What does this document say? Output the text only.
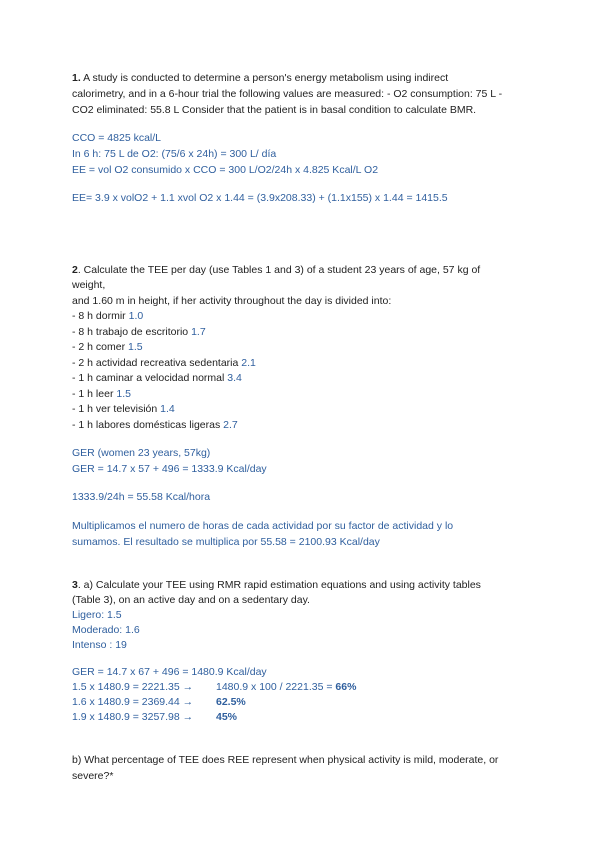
1. A study is conducted to determine a person's energy metabolism using indirect
calorimetry, and in a 6-hour trial the following values are measured: - O2 consumption: 75 L -
CO2 eliminated: 55.8 L Consider that the patient is in basal condition to calculate BMR.
CCO = 4825 kcal/L
In 6 h: 75 L de O2: (75/6 x 24h) = 300 L/ día
EE = vol O2 consumido x CCO = 300 L/O2/24h x 4.825 Kcal/L O2
EE= 3.9 x volO2 + 1.1 xvol O2 x 1.44 = (3.9x208.33) + (1.1x155) x 1.44 = 1415.5
2. Calculate the TEE per day (use Tables 1 and 3) of a student 23 years of age, 57 kg of
weight,
and 1.60 m in height, if her activity throughout the day is divided into:
- 8 h dormir 1.0
- 8 h trabajo de escritorio 1.7
- 2 h comer 1.5
- 2 h actividad recreativa sedentaria 2.1
- 1 h caminar a velocidad normal 3.4
- 1 h leer 1.5
- 1 h ver televisión 1.4
- 1 h labores domésticas ligeras 2.7
GER (women 23 years, 57kg)
GER = 14.7 x 57 + 496 = 1333.9 Kcal/day
1333.9/24h = 55.58 Kcal/hora
Multiplicamos el numero de horas de cada actividad por su factor de actividad y lo
sumamos. El resultado se multiplica por 55.58 = 2100.93 Kcal/day
3. a) Calculate your TEE using RMR rapid estimation equations and using activity tables
(Table 3), on an active day and on a sedentary day.
Ligero: 1.5
Moderado: 1.6
Intenso : 19
GER = 14.7 x 67 + 496 = 1480.9 Kcal/day
1.5 x 1480.9 = 2221.35 → 1480.9 x 100 / 2221.35 = 66%
1.6 x 1480.9 = 2369.44 → 62.5%
1.9 x 1480.9 = 3257.98 → 45%
b) What percentage of TEE does REE represent when physical activity is mild, moderate, or
severe?*
